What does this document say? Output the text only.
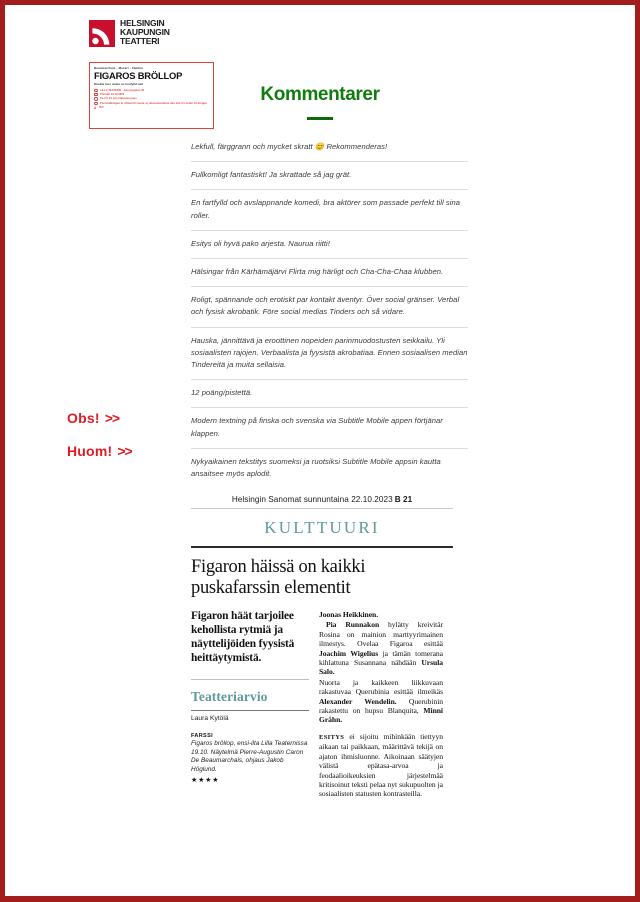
HELSINGIN
KAUPUNGIN
TEATTERI
Beaumarchais · Mozart · Zambin
FIGAROS BRÖLLOP
Direkta loss under en lustfylld natt
LILLA TEATERN – Georgsgatan 30
Premiär 19.10.2023
Ca 2 h 10 min inklusive paus
Föreställningen är riktad till vuxna, ej rekommenderas den inte för under 12 åringar
28 €
Kommentarer
Lekfull, färggrann och mycket skratt 😊 Rekommenderas!
Fullkomligt fantastiskt! Ja skrattade så jag grät.
En fartfylld och avslappnande komedi, bra aktörer som passade perfekt till sina roller.
Esitys oli hyvä pako arjesta. Naurua riitti!
Hälsingar från Kärhämäjärvi Flirta mig härligt och Cha-Cha-Chaa klubben.
Roligt, spännande och erotiskt par kontakt äventyr. Över social gränser. Verbal och fysisk akrobatik. Före social medias Tinders och så vidare.
Hauska, jännittävä ja eroottinen nopeiden parinmuodostusten seikkailu. Yli sosiaalisten rajojen. Verbaalista ja fyysistä akrobatiaa. Ennen sosiaalisen median Tindereitä ja muita sellaisia.
12 poäng/pistettä.
Modern textning på finska och svenska via Subtitle Mobile appen förtjänar klappen.
Nykyaikainen tekstitys suomeksi ja ruotsiksi Subtitle Mobile appsin kautta ansaitsee myös aplodit.
Obs! >>
Huom! >>
Helsingin Sanomat sunnuntaina 22.10.2023 B 21
KULTTUURI
Figaron häissä on kaikki puskafarssin elementit

Figaron häät tarjoilee kehollista rytmiä ja näyttelijöiden fyysistä heittäytymistä.

Teatteriarvio
Laura Kytölä
FARSSI
Figaros bröllop, ensi-ilta Lilla Teaternissa 19.10. Näytelmä Pierre-Augustin Caron De Beaumarchais, ohjaus Jakob Höglund.
★★★★

Joonas Heikkinen.

Pia Runnakon hylätty kreivitär Rosina on mainion marttyyrimainen ilmestys. Ovelaa Figaroa esittää Joachim Wigelius ja tämän tomerana kihlattuna Susannana nähdään Ursula Salo.

Nuorta ja kaikkeen liikkuvaan rakastuvaa Querubinia esittää ilmeikäs Alexander Wendelin. Querubinin rakastettu on hupsu Blanquita, Minni Gråhn.

ESITYS ei sijoitu mihinkään tiettyyn aikaan tai paikkaan, määrittävä tekijä on ajaton ihmisluonne. Aikoinaan säätyjen välistä epätasa-arvoa ja feodaalioikeuksien järjestelmää kritisoinut teksti pelaa nyt sukupuolten ja sosiaalisten statusten kontrasteilla.
